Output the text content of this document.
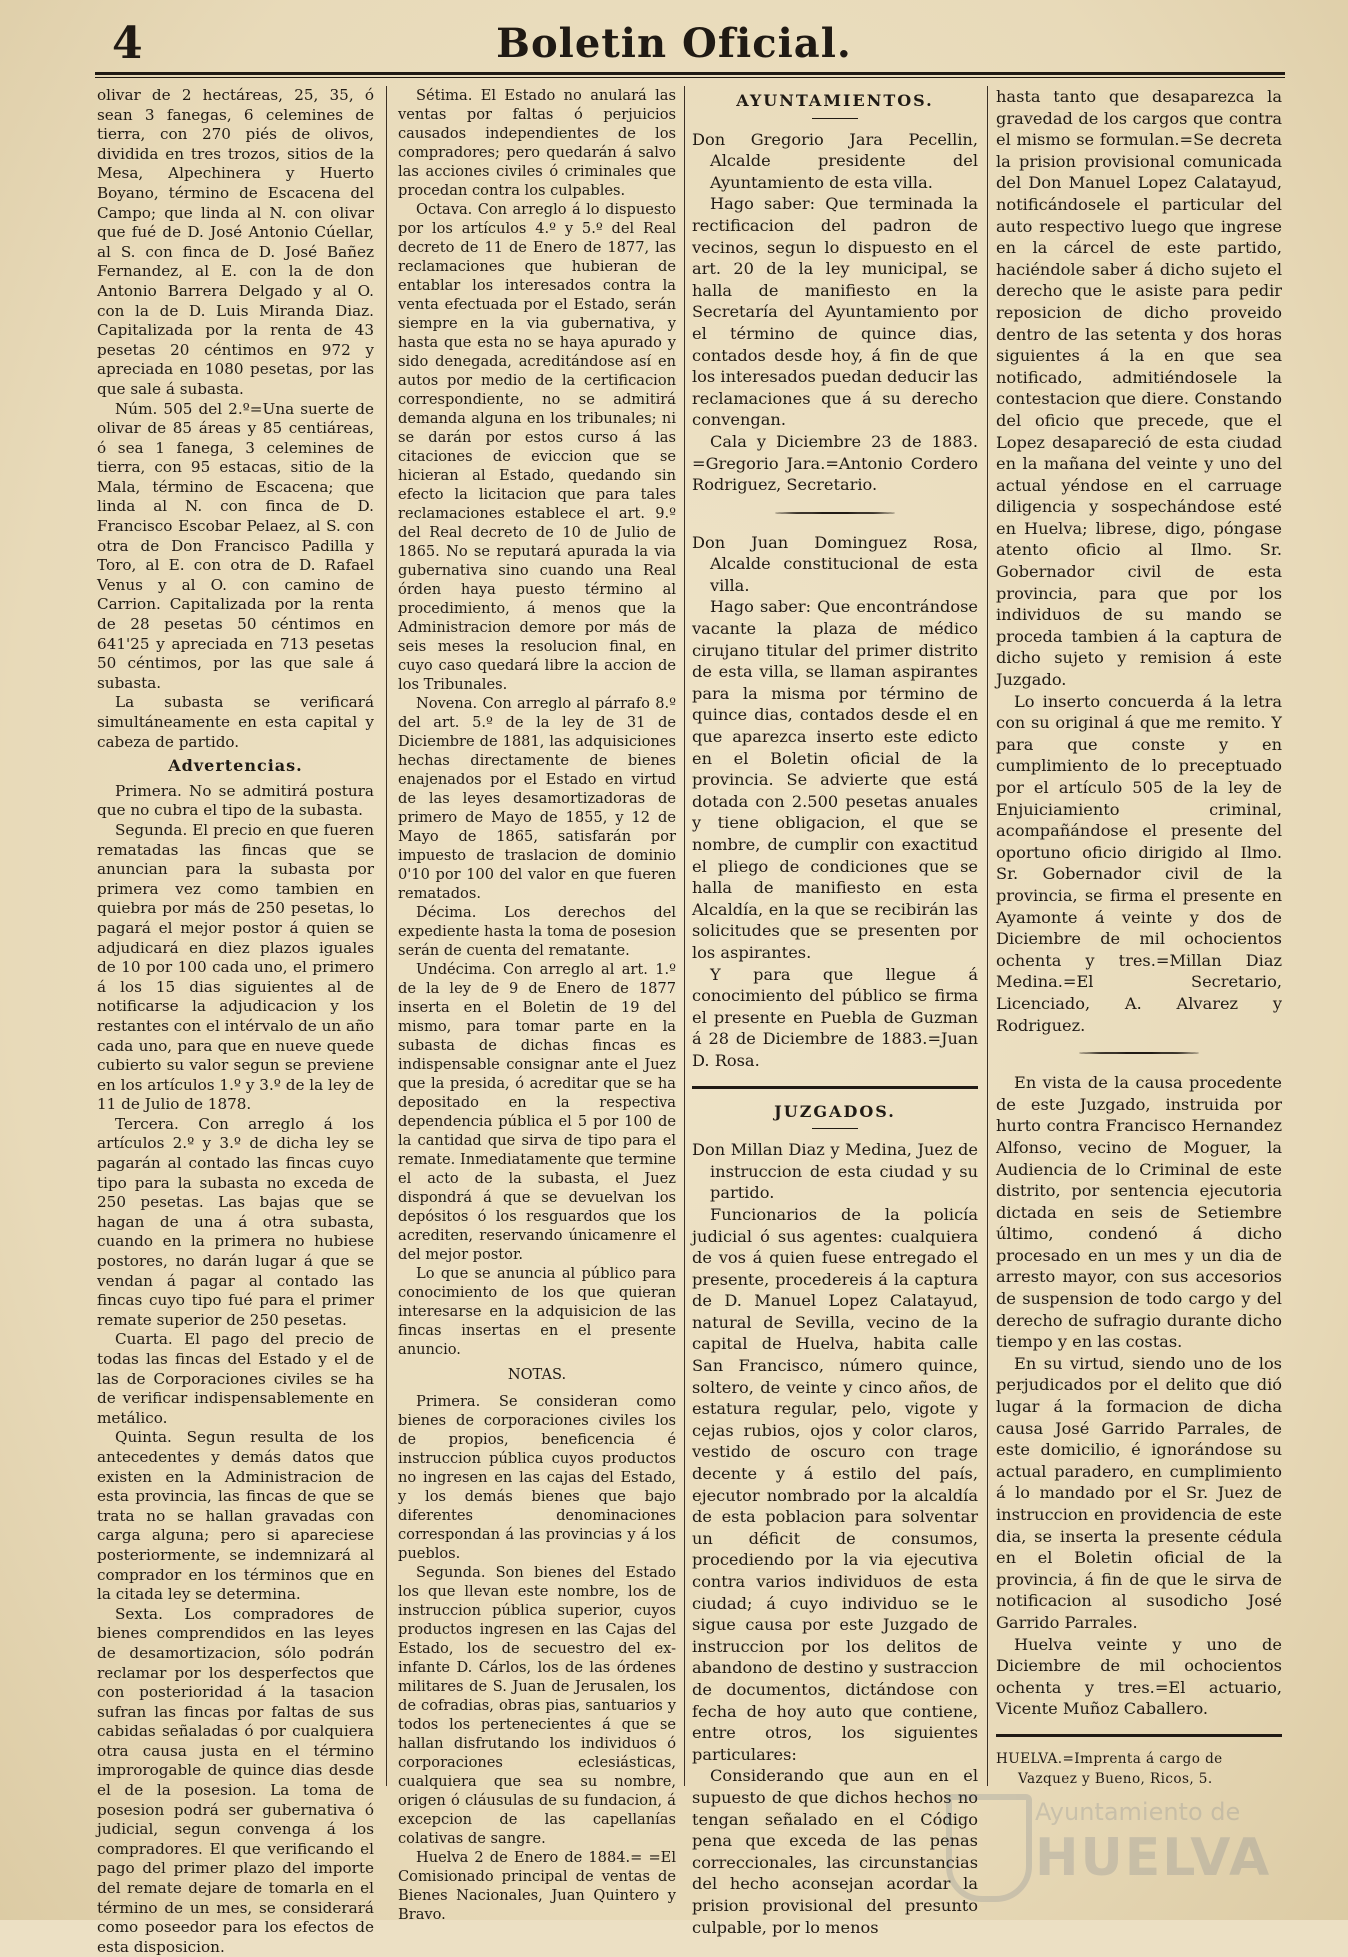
4	Boletin Oficial.

olivar de 2 hectáreas, 25, 35, ó sean 3 fanegas, 6 celemines de tierra, con 270 piés de olivos, dividida en tres trozos, sitios de la Mesa, Alpechinera y Huerto Boyano, término de Escacena del Campo; que linda al N. con olivar que fué de D. José Antonio Cúellar, al S. con finca de D. José Bañez Fernandez, al E. con la de don Antonio Barrera Delgado y al O. con la de D. Luis Miranda Diaz. Capitalizada por la renta de 43 pesetas 20 céntimos en 972 y apreciada en 1080 pesetas, por las que sale á subasta.

Núm. 505 del 2.º=Una suerte de olivar de 85 áreas y 85 centiáreas, ó sea 1 fanega, 3 celemines de tierra, con 95 estacas, sitio de la Mala, término de Escacena; que linda al N. con finca de D. Francisco Escobar Pelaez, al S. con otra de Don Francisco Padilla y Toro, al E. con otra de D. Rafael Venus y al O. con camino de Carrion. Capitalizada por la renta de 28 pesetas 50 céntimos en 641'25 y apreciada en 713 pesetas 50 céntimos, por las que sale á subasta.

La subasta se verificará simultáneamente en esta capital y cabeza de partido.

Advertencias.

Primera. No se admitirá postura que no cubra el tipo de la subasta.

Segunda. El precio en que fueren rematadas las fincas que se anuncian para la subasta por primera vez como tambien en quiebra por más de 250 pesetas, lo pagará el mejor postor á quien se adjudicará en diez plazos iguales de 10 por 100 cada uno, el primero á los 15 dias siguientes al de notificarse la adjudicacion y los restantes con el intérvalo de un año cada uno, para que en nueve quede cubierto su valor segun se previene en los artículos 1.º y 3.º de la ley de 11 de Julio de 1878.

Tercera. Con arreglo á los artículos 2.º y 3.º de dicha ley se pagarán al contado las fincas cuyo tipo para la subasta no exceda de 250 pesetas. Las bajas que se hagan de una á otra subasta, cuando en la primera no hubiese postores, no darán lugar á que se vendan á pagar al contado las fincas cuyo tipo fué para el primer remate superior de 250 pesetas.

Cuarta. El pago del precio de todas las fincas del Estado y el de las de Corporaciones civiles se ha de verificar indispensablemente en metálico.

Quinta. Segun resulta de los antecedentes y demás datos que existen en la Administracion de esta provincia, las fincas de que se trata no se hallan gravadas con carga alguna; pero si apareciese posteriormente, se indemnizará al comprador en los términos que en la citada ley se determina.

Sexta. Los compradores de bienes comprendidos en las leyes de desamortizacion, sólo podrán reclamar por los desperfectos que con posterioridad á la tasacion sufran las fincas por faltas de sus cabidas señaladas ó por cualquiera otra causa justa en el término improrogable de quince dias desde el de la posesion. La toma de posesion podrá ser gubernativa ó judicial, segun convenga á los compradores. El que verificando el pago del primer plazo del importe del remate dejare de tomarla en el término de un mes, se considerará como poseedor para los efectos de esta disposicion.

Sétima. El Estado no anulará las ventas por faltas ó perjuicios causados independientes de los compradores; pero quedarán á salvo las acciones civiles ó criminales que procedan contra los culpables.

Octava. Con arreglo á lo dispuesto por los artículos 4.º y 5.º del Real decreto de 11 de Enero de 1877, las reclamaciones que hubieran de entablar los interesados contra la venta efectuada por el Estado, serán siempre en la via gubernativa, y hasta que esta no se haya apurado y sido denegada, acreditándose así en autos por medio de la certificacion correspondiente, no se admitirá demanda alguna en los tribunales; ni se darán por estos curso á las citaciones de eviccion que se hicieran al Estado, quedando sin efecto la licitacion que para tales reclamaciones establece el art. 9.º del Real decreto de 10 de Julio de 1865. No se reputará apurada la via gubernativa sino cuando una Real órden haya puesto término al procedimiento, á menos que la Administracion demore por más de seis meses la resolucion final, en cuyo caso quedará libre la accion de los Tribunales.

Novena. Con arreglo al párrafo 8.º del art. 5.º de la ley de 31 de Diciembre de 1881, las adquisiciones hechas directamente de bienes enajenados por el Estado en virtud de las leyes desamortizadoras de primero de Mayo de 1855, y 12 de Mayo de 1865, satisfarán por impuesto de traslacion de dominio 0'10 por 100 del valor en que fueren rematados.

Décima. Los derechos del expediente hasta la toma de posesion serán de cuenta del rematante.

Undécima. Con arreglo al art. 1.º de la ley de 9 de Enero de 1877 inserta en el Boletin de 19 del mismo, para tomar parte en la subasta de dichas fincas es indispensable consignar ante el Juez que la presida, ó acreditar que se ha depositado en la respectiva dependencia pública el 5 por 100 de la cantidad que sirva de tipo para el remate. Inmediatamente que termine el acto de la subasta, el Juez dispondrá á que se devuelvan los depósitos ó los resguardos que los acrediten, reservando únicamenre el del mejor postor.

Lo que se anuncia al público para conocimiento de los que quieran interesarse en la adquisicion de las fincas insertas en el presente anuncio.

NOTAS.

Primera. Se consideran como bienes de corporaciones civiles los de propios, beneficencia é instruccion pública cuyos productos no ingresen en las cajas del Estado, y los demás bienes que bajo diferentes denominaciones correspondan á las provincias y á los pueblos.

Segunda. Son bienes del Estado los que llevan este nombre, los de instruccion pública superior, cuyos productos ingresen en las Cajas del Estado, los de secuestro del ex-infante D. Cárlos, los de las órdenes militares de S. Juan de Jerusalen, los de cofradias, obras pias, santuarios y todos los pertenecientes á que se hallan disfrutando los individuos ó corporaciones eclesiásticas, cualquiera que sea su nombre, origen ó cláusulas de su fundacion, á excepcion de las capellanías colativas de sangre.

Huelva 2 de Enero de 1884.= =El Comisionado principal de ventas de Bienes Nacionales, Juan Quintero y Bravo.

AYUNTAMIENTOS.

Don Gregorio Jara Pecellin, Alcalde presidente del Ayuntamiento de esta villa.

Hago saber: Que terminada la rectificacion del padron de vecinos, segun lo dispuesto en el art. 20 de la ley municipal, se halla de manifiesto en la Secretaría del Ayuntamiento por el término de quince dias, contados desde hoy, á fin de que los interesados puedan deducir las reclamaciones que á su derecho convengan.

Cala y Diciembre 23 de 1883. =Gregorio Jara.=Antonio Cordero Rodriguez, Secretario.

Don Juan Dominguez Rosa, Alcalde constitucional de esta villa.

Hago saber: Que encontrándose vacante la plaza de médico cirujano titular del primer distrito de esta villa, se llaman aspirantes para la misma por término de quince dias, contados desde el en que aparezca inserto este edicto en el Boletin oficial de la provincia. Se advierte que está dotada con 2.500 pesetas anuales y tiene obligacion, el que se nombre, de cumplir con exactitud el pliego de condiciones que se halla de manifiesto en esta Alcaldía, en la que se recibirán las solicitudes que se presenten por los aspirantes.

Y para que llegue á conocimiento del público se firma el presente en Puebla de Guzman á 28 de Diciembre de 1883.=Juan D. Rosa.

JUZGADOS.

Don Millan Diaz y Medina, Juez de instruccion de esta ciudad y su partido.

Funcionarios de la policía judicial ó sus agentes: cualquiera de vos á quien fuese entregado el presente, procedereis á la captura de D. Manuel Lopez Calatayud, natural de Sevilla, vecino de la capital de Huelva, habita calle San Francisco, número quince, soltero, de veinte y cinco años, de estatura regular, pelo, vigote y cejas rubios, ojos y color claros, vestido de oscuro con trage decente y á estilo del país, ejecutor nombrado por la alcaldía de esta poblacion para solventar un déficit de consumos, procediendo por la via ejecutiva contra varios individuos de esta ciudad; á cuyo individuo se le sigue causa por este Juzgado de instruccion por los delitos de abandono de destino y sustraccion de documentos, dictándose con fecha de hoy auto que contiene, entre otros, los siguientes particulares:

Considerando que aun en el supuesto de que dichos hechos no tengan señalado en el Código pena que exceda de las penas correccionales, las circunstancias del hecho aconsejan acordar la prision provisional del presunto culpable, por lo menos

hasta tanto que desaparezca la gravedad de los cargos que contra el mismo se formulan.=Se decreta la prision provisional comunicada del Don Manuel Lopez Calatayud, notificándosele el particular del auto respectivo luego que ingrese en la cárcel de este partido, haciéndole saber á dicho sujeto el derecho que le asiste para pedir reposicion de dicho proveido dentro de las setenta y dos horas siguientes á la en que sea notificado, admitiéndosele la contestacion que diere. Constando del oficio que precede, que el Lopez desapareció de esta ciudad en la mañana del veinte y uno del actual yéndose en el carruage diligencia y sospechándose esté en Huelva; librese, digo, póngase atento oficio al Ilmo. Sr. Gobernador civil de esta provincia, para que por los individuos de su mando se proceda tambien á la captura de dicho sujeto y remision á este Juzgado.

Lo inserto concuerda á la letra con su original á que me remito. Y para que conste y en cumplimiento de lo preceptuado por el artículo 505 de la ley de Enjuiciamiento criminal, acompañándose el presente del oportuno oficio dirigido al Ilmo. Sr. Gobernador civil de la provincia, se firma el presente en Ayamonte á veinte y dos de Diciembre de mil ochocientos ochenta y tres.=Millan Diaz Medina.=El Secretario, Licenciado, A. Alvarez y Rodriguez.

En vista de la causa procedente de este Juzgado, instruida por hurto contra Francisco Hernandez Alfonso, vecino de Moguer, la Audiencia de lo Criminal de este distrito, por sentencia ejecutoria dictada en seis de Setiembre último, condenó á dicho procesado en un mes y un dia de arresto mayor, con sus accesorios de suspension de todo cargo y del derecho de sufragio durante dicho tiempo y en las costas.

En su virtud, siendo uno de los perjudicados por el delito que dió lugar á la formacion de dicha causa José Garrido Parrales, de este domicilio, é ignorándose su actual paradero, en cumplimiento á lo mandado por el Sr. Juez de instruccion en providencia de este dia, se inserta la presente cédula en el Boletin oficial de la provincia, á fin de que le sirva de notificacion al susodicho José Garrido Parrales.

Huelva veinte y uno de Diciembre de mil ochocientos ochenta y tres.=El actuario, Vicente Muñoz Caballero.

HUELVA.=Imprenta á cargo de
Vazquez y Bueno, Ricos, 5.
Ayuntamiento de
HUELVA
